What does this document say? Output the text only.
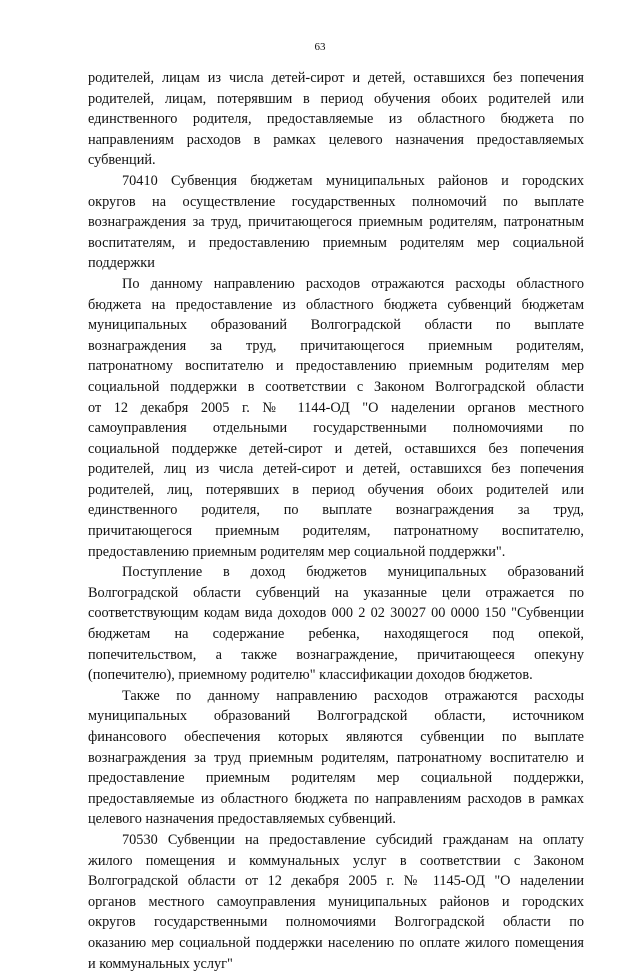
63
родителей, лицам из числа детей-сирот и детей, оставшихся без попечения
родителей, лицам, потерявшим в период обучения обоих родителей или
единственного родителя, предоставляемые из областного бюджета по
направлениям расходов в рамках целевого назначения предоставляемых
субвенций.
70410 Субвенция бюджетам муниципальных районов и городских
округов на осуществление государственных полномочий по выплате
вознаграждения за труд, причитающегося приемным родителям, патронатным
воспитателям, и предоставлению приемным родителям мер социальной
поддержки
По данному направлению расходов отражаются расходы областного
бюджета на предоставление из областного бюджета субвенций бюджетам
муниципальных образований Волгоградской области по выплате
вознаграждения за труд, причитающегося приемным родителям,
патронатному воспитателю и предоставлению приемным родителям мер
социальной поддержки в соответствии с Законом Волгоградской области
от 12 декабря 2005 г. № 1144-ОД "О наделении органов местного
самоуправления отдельными государственными полномочиями по
социальной поддержке детей-сирот и детей, оставшихся без попечения
родителей, лиц из числа детей-сирот и детей, оставшихся без попечения
родителей, лиц, потерявших в период обучения обоих родителей или
единственного родителя, по выплате вознаграждения за труд,
причитающегося приемным родителям, патронатному воспитателю,
предоставлению приемным родителям мер социальной поддержки".
Поступление в доход бюджетов муниципальных образований
Волгоградской области субвенций на указанные цели отражается по
соответствующим кодам вида доходов 000 2 02 30027 00 0000 150 "Субвенции
бюджетам на содержание ребенка, находящегося под опекой,
попечительством, а также вознаграждение, причитающееся опекуну
(попечителю), приемному родителю" классификации доходов бюджетов.
Также по данному направлению расходов отражаются расходы
муниципальных образований Волгоградской области, источником
финансового обеспечения которых являются субвенции по выплате
вознаграждения за труд приемным родителям, патронатному воспитателю и
предоставление приемным родителям мер социальной поддержки,
предоставляемые из областного бюджета по направлениям расходов в рамках
целевого назначения предоставляемых субвенций.
70530 Субвенции на предоставление субсидий гражданам на оплату
жилого помещения и коммунальных услуг в соответствии с Законом
Волгоградской области от 12 декабря 2005 г. № 1145-ОД "О наделении
органов местного самоуправления муниципальных районов и городских
округов государственными полномочиями Волгоградской области по
оказанию мер социальной поддержки населению по оплате жилого помещения
и коммунальных услуг"
